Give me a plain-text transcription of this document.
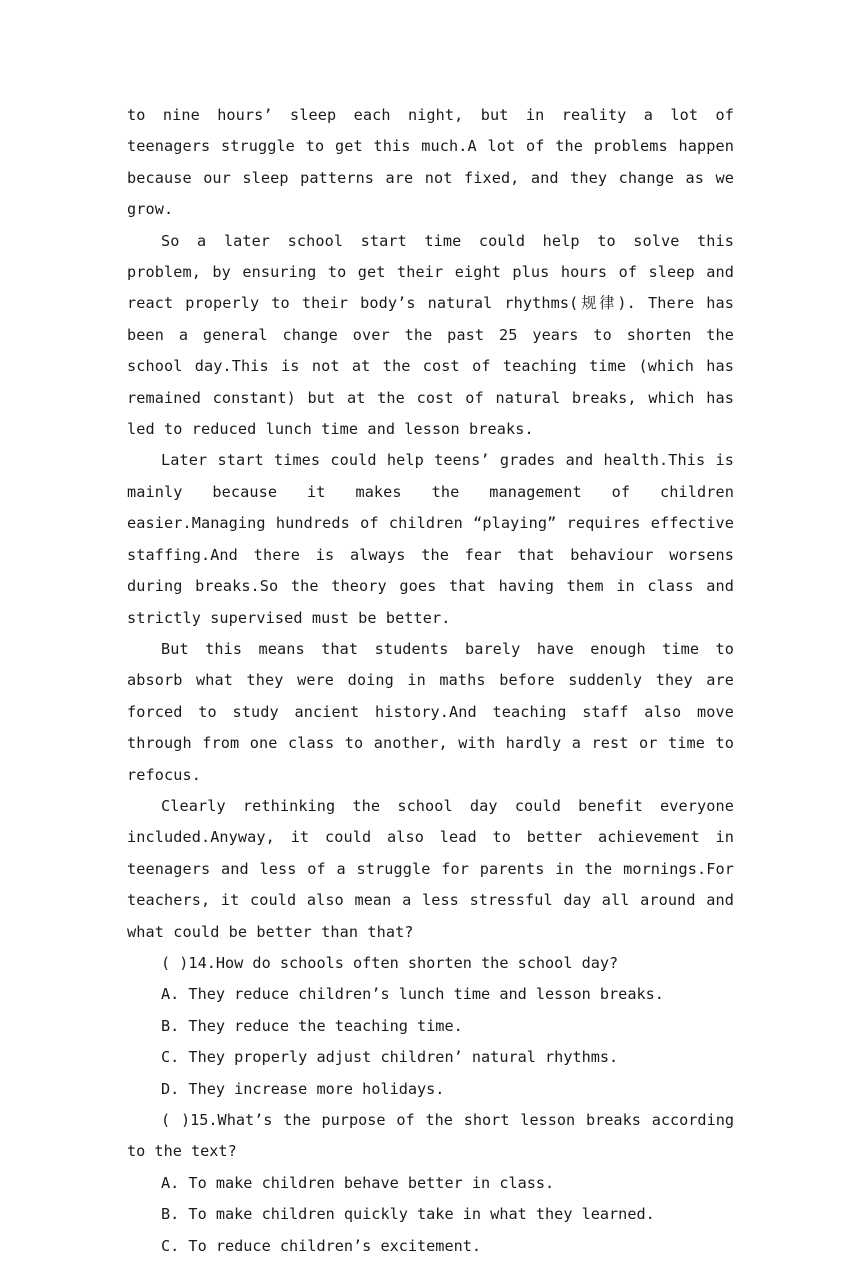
to nine hours’ sleep each night, but in reality a lot of teenagers struggle to get this much.A lot of the problems happen because our sleep patterns are not fixed, and they change as we grow.

So a later school start time could help to solve this problem, by ensuring to get their eight plus hours of sleep and react properly to their body’s natural rhythms(规律). There has been a general change over the past 25 years to shorten the school day.This is not at the cost of teaching time (which has remained constant) but at the cost of natural breaks, which has led to reduced lunch time and lesson breaks.

Later start times could help teens’ grades and health.This is mainly because it makes the management of children easier.Managing hundreds of children “playing” requires effective staffing.And there is always the fear that behaviour worsens during breaks.So the theory goes that having them in class and strictly supervised must be better.

But this means that students barely have enough time to absorb what they were doing in maths before suddenly they are forced to study ancient history.And teaching staff also move through from one class to another, with hardly a rest or time to refocus.

Clearly rethinking the school day could benefit everyone included.Anyway, it could also lead to better achievement in teenagers and less of a struggle for parents in the mornings.For teachers, it could also mean a less stressful day all around and what could be better than that?

( )14.How do schools often shorten the school day?

A. They reduce children’s lunch time and lesson breaks.

B. They reduce the teaching time.

C. They properly adjust children’ natural rhythms.

D. They increase more holidays.

( )15.What’s the purpose of the short lesson breaks according to the text?

A. To make children behave better in class.

B. To make children quickly take in what they learned.

C. To reduce children’s excitement.
